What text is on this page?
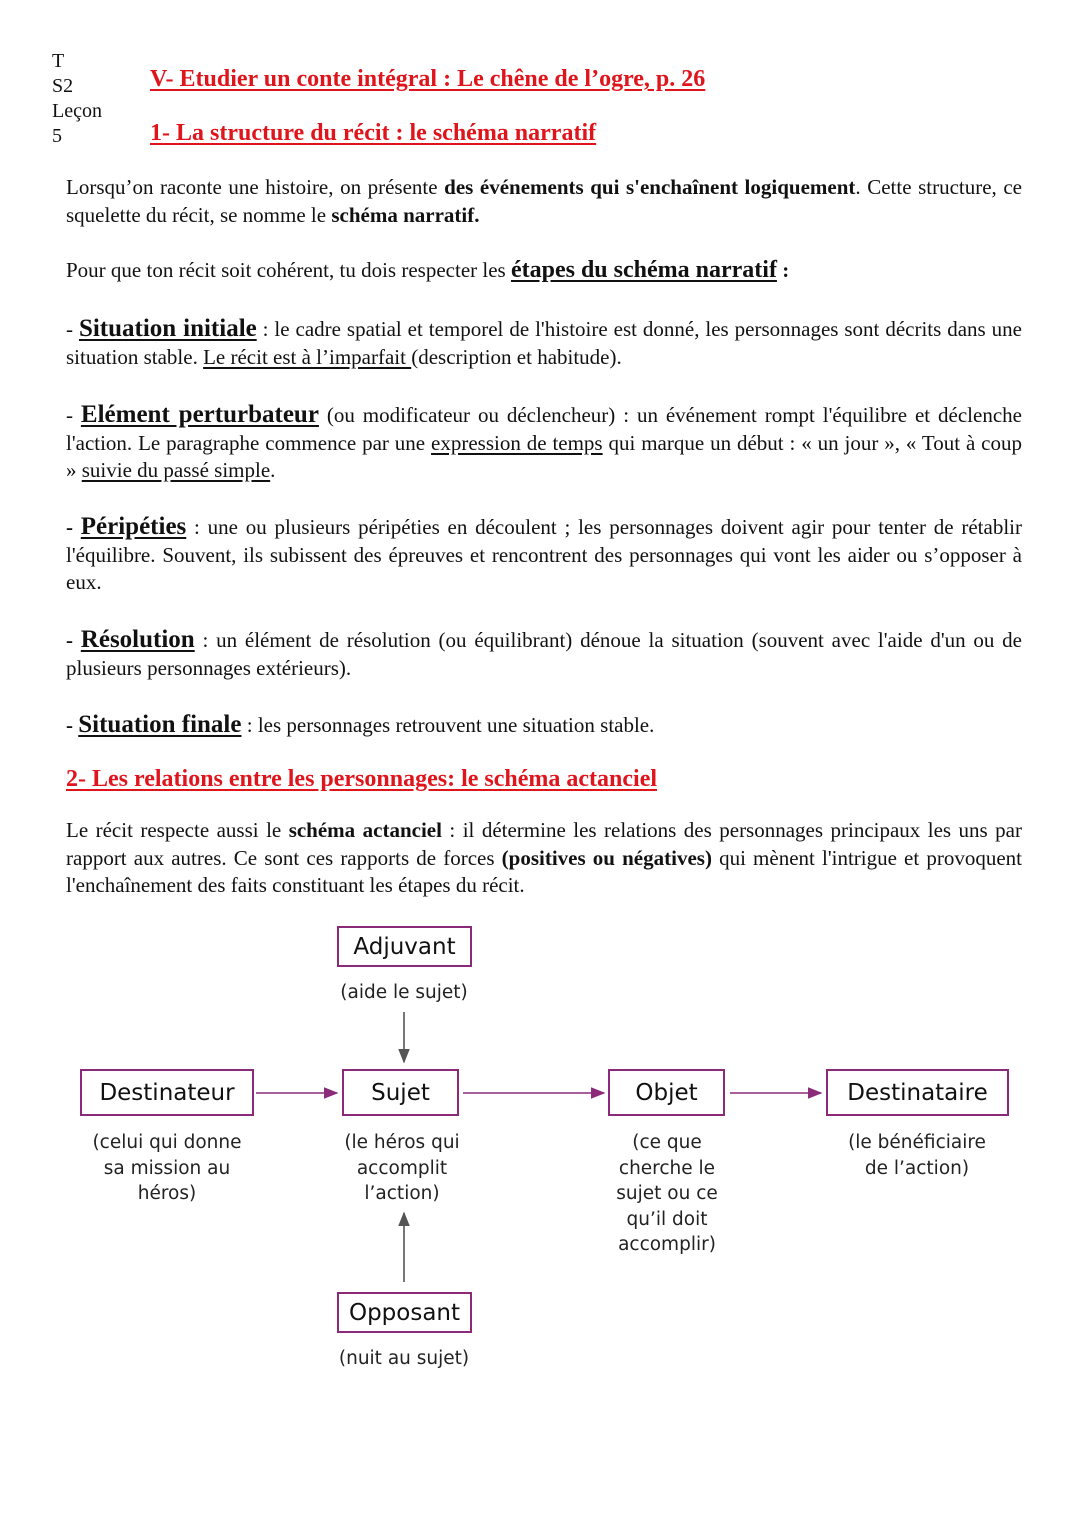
T
S2
Leçon
5
V- Etudier un conte intégral : Le chêne de l’ogre, p. 26
1- La structure du récit : le schéma narratif
Lorsqu’on raconte une histoire, on présente des événements qui s'enchaînent logiquement. Cette structure, ce squelette du récit, se nomme le schéma narratif.
Pour que ton récit soit cohérent, tu dois respecter les étapes du schéma narratif :
- Situation initiale : le cadre spatial et temporel de l'histoire est donné, les personnages sont décrits dans une situation stable. Le récit est à l’imparfait (description et habitude).
- Elément perturbateur (ou modificateur ou déclencheur) : un événement rompt l'équilibre et déclenche l'action. Le paragraphe commence par une expression de temps qui marque un début : « un jour », « Tout à coup » suivie du passé simple.
- Péripéties : une ou plusieurs péripéties en découlent ; les personnages doivent agir pour tenter de rétablir l'équilibre. Souvent, ils subissent des épreuves et rencontrent des personnages qui vont les aider ou s’opposer à eux.
- Résolution : un élément de résolution (ou équilibrant) dénoue la situation (souvent avec l'aide d'un ou de plusieurs personnages extérieurs).
- Situation finale : les personnages retrouvent une situation stable.
2- Les relations entre les personnages: le schéma actanciel
Le récit respecte aussi le schéma actanciel : il détermine les relations des personnages principaux les uns par rapport aux autres. Ce sont ces rapports de forces (positives ou négatives) qui mènent l'intrigue et provoquent l'enchaînement des faits constituant les étapes du récit.
Adjuvant
(aide le sujet)
Destinateur
(celui qui donne
sa mission au
héros)
Sujet
(le héros qui
accomplit
l’action)
Objet
(ce que
cherche le
sujet ou ce
qu’il doit
accomplir)
Destinataire
(le bénéficiaire
de l’action)
Opposant
(nuit au sujet)
